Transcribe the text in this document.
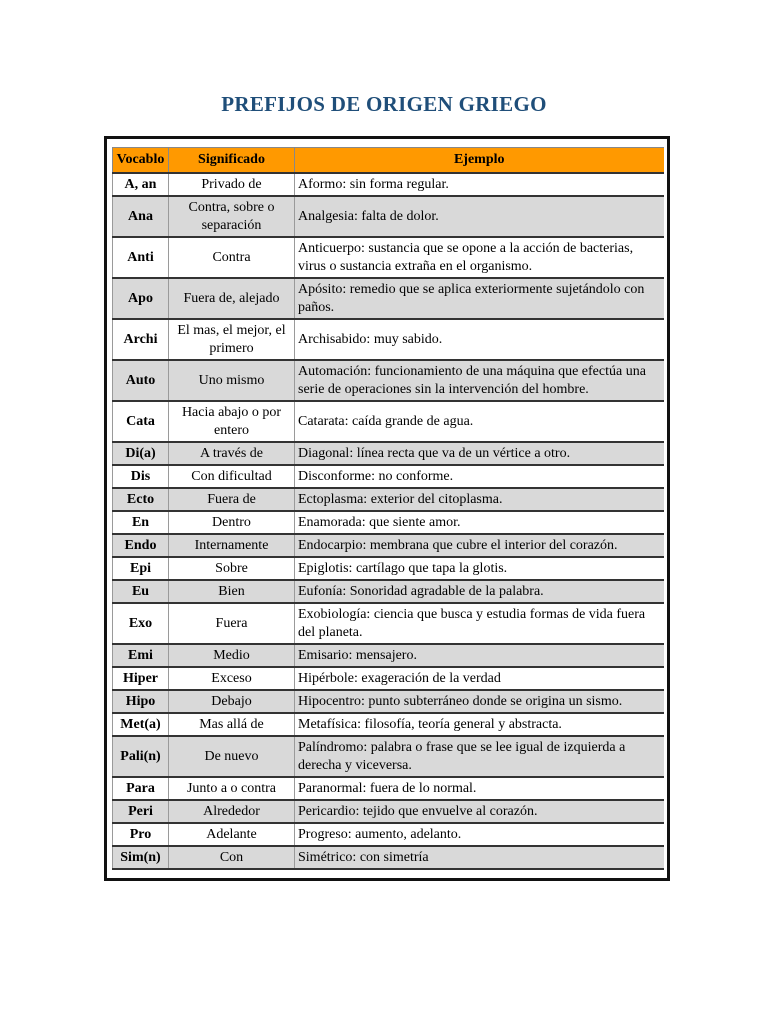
PREFIJOS DE ORIGEN GRIEGO
Vocablo	Significado	Ejemplo
A, an	Privado de	Aformo: sin forma regular.
Ana	Contra, sobre o separación	Analgesia: falta de dolor.
Anti	Contra	Anticuerpo: sustancia que se opone a la acción de bacterias, virus o sustancia extraña en el organismo.
Apo	Fuera de, alejado	Apósito: remedio que se aplica exteriormente sujetándolo con paños.
Archi	El mas, el mejor, el primero	Archisabido: muy sabido.
Auto	Uno mismo	Automación: funcionamiento de una máquina que efectúa una serie de operaciones sin la intervención del hombre.
Cata	Hacia abajo o por entero	Catarata: caída grande de agua.
Di(a)	A través de	Diagonal: línea recta que va de un vértice a otro.
Dis	Con dificultad	Disconforme: no conforme.
Ecto	Fuera de	Ectoplasma: exterior del citoplasma.
En	Dentro	Enamorada: que siente amor.
Endo	Internamente	Endocarpio: membrana que cubre el interior del corazón.
Epi	Sobre	Epiglotis: cartílago que tapa la glotis.
Eu	Bien	Eufonía: Sonoridad agradable de la palabra.
Exo	Fuera	Exobiología: ciencia que busca y estudia formas de vida fuera del planeta.
Emi	Medio	Emisario: mensajero.
Hiper	Exceso	Hipérbole: exageración de la verdad
Hipo	Debajo	Hipocentro: punto subterráneo donde se origina un sismo.
Met(a)	Mas allá de	Metafísica: filosofía, teoría general y abstracta.
Pali(n)	De nuevo	Palíndromo: palabra o frase que se lee igual de izquierda a derecha y viceversa.
Para	Junto a o contra	Paranormal: fuera de lo normal.
Peri	Alrededor	Pericardio: tejido que envuelve al corazón.
Pro	Adelante	Progreso: aumento, adelanto.
Sim(n)	Con	Simétrico: con simetría
